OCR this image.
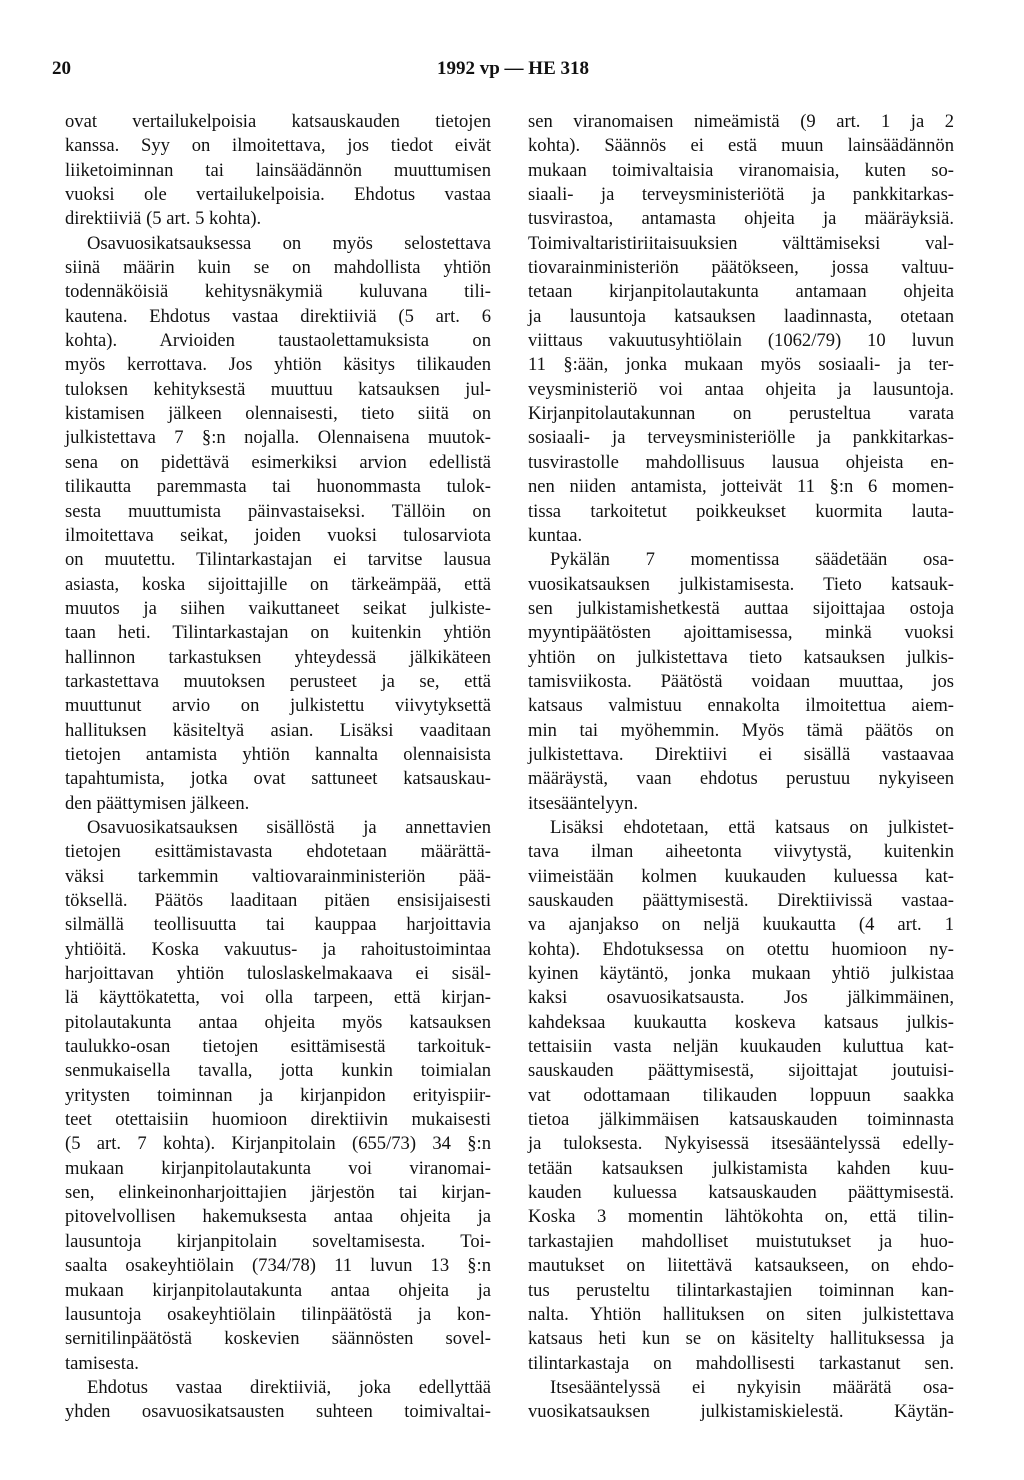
20	1992 vp — HE 318
ovat vertailukelpoisia katsauskauden tietojen
kanssa. Syy on ilmoitettava, jos tiedot eivät
liiketoiminnan tai lainsäädännön muuttumisen
vuoksi ole vertailukelpoisia. Ehdotus vastaa
direktiiviä (5 art. 5 kohta).
Osavuosikatsauksessa on myös selostettava
siinä määrin kuin se on mahdollista yhtiön
todennäköisiä kehitysnäkymiä kuluvana tili-
kautena. Ehdotus vastaa direktiiviä (5 art. 6
kohta). Arvioiden taustaolettamuksista on
myös kerrottava. Jos yhtiön käsitys tilikauden
tuloksen kehityksestä muuttuu katsauksen jul-
kistamisen jälkeen olennaisesti, tieto siitä on
julkistettava 7 §:n nojalla. Olennaisena muutok-
sena on pidettävä esimerkiksi arvion edellistä
tilikautta paremmasta tai huonommasta tulok-
sesta muuttumista päinvastaiseksi. Tällöin on
ilmoitettava seikat, joiden vuoksi tulosarviota
on muutettu. Tilintarkastajan ei tarvitse lausua
asiasta, koska sijoittajille on tärkeämpää, että
muutos ja siihen vaikuttaneet seikat julkiste-
taan heti. Tilintarkastajan on kuitenkin yhtiön
hallinnon tarkastuksen yhteydessä jälkikäteen
tarkastettava muutoksen perusteet ja se, että
muuttunut arvio on julkistettu viivytyksettä
hallituksen käsiteltyä asian. Lisäksi vaaditaan
tietojen antamista yhtiön kannalta olennaisista
tapahtumista, jotka ovat sattuneet katsauskau-
den päättymisen jälkeen.
Osavuosikatsauksen sisällöstä ja annettavien
tietojen esittämistavasta ehdotetaan määrättä-
väksi tarkemmin valtiovarainministeriön pää-
töksellä. Päätös laaditaan pitäen ensisijaisesti
silmällä teollisuutta tai kauppaa harjoittavia
yhtiöitä. Koska vakuutus- ja rahoitustoimintaa
harjoittavan yhtiön tuloslaskelmakaava ei sisäl-
lä käyttökatetta, voi olla tarpeen, että kirjan-
pitolautakunta antaa ohjeita myös katsauksen
taulukko-osan tietojen esittämisestä tarkoituk-
senmukaisella tavalla, jotta kunkin toimialan
yritysten toiminnan ja kirjanpidon erityispiir-
teet otettaisiin huomioon direktiivin mukaisesti
(5 art. 7 kohta). Kirjanpitolain (655/73) 34 §:n
mukaan kirjanpitolautakunta voi viranomai-
sen, elinkeinonharjoittajien järjestön tai kirjan-
pitovelvollisen hakemuksesta antaa ohjeita ja
lausuntoja kirjanpitolain soveltamisesta. Toi-
saalta osakeyhtiölain (734/78) 11 luvun 13 §:n
mukaan kirjanpitolautakunta antaa ohjeita ja
lausuntoja osakeyhtiölain tilinpäätöstä ja kon-
sernitilinpäätöstä koskevien säännösten sovel-
tamisesta.
Ehdotus vastaa direktiiviä, joka edellyttää
yhden osavuosikatsausten suhteen toimivaltai-
sen viranomaisen nimeämistä (9 art. 1 ja 2
kohta). Säännös ei estä muun lainsäädännön
mukaan toimivaltaisia viranomaisia, kuten so-
siaali- ja terveysministeriötä ja pankkitarkas-
tusvirastoa, antamasta ohjeita ja määräyksiä.
Toimivaltaristiriitaisuuksien välttämiseksi val-
tiovarainministeriön päätökseen, jossa valtuu-
tetaan kirjanpitolautakunta antamaan ohjeita
ja lausuntoja katsauksen laadinnasta, otetaan
viittaus vakuutusyhtiölain (1062/79) 10 luvun
11 §:ään, jonka mukaan myös sosiaali- ja ter-
veysministeriö voi antaa ohjeita ja lausuntoja.
Kirjanpitolautakunnan on perusteltua varata
sosiaali- ja terveysministeriölle ja pankkitarkas-
tusvirastolle mahdollisuus lausua ohjeista en-
nen niiden antamista, jotteivät 11 §:n 6 momen-
tissa tarkoitetut poikkeukset kuormita lauta-
kuntaa.
Pykälän 7 momentissa säädetään osa-
vuosikatsauksen julkistamisesta. Tieto katsauk-
sen julkistamishetkestä auttaa sijoittajaa ostoja
myyntipäätösten ajoittamisessa, minkä vuoksi
yhtiön on julkistettava tieto katsauksen julkis-
tamisviikosta. Päätöstä voidaan muuttaa, jos
katsaus valmistuu ennakolta ilmoitettua aiem-
min tai myöhemmin. Myös tämä päätös on
julkistettava. Direktiivi ei sisällä vastaavaa
määräystä, vaan ehdotus perustuu nykyiseen
itsesääntelyyn.
Lisäksi ehdotetaan, että katsaus on julkistet-
tava ilman aiheetonta viivytystä, kuitenkin
viimeistään kolmen kuukauden kuluessa kat-
sauskauden päättymisestä. Direktiivissä vastaa-
va ajanjakso on neljä kuukautta (4 art. 1
kohta). Ehdotuksessa on otettu huomioon ny-
kyinen käytäntö, jonka mukaan yhtiö julkistaa
kaksi osavuosikatsausta. Jos jälkimmäinen,
kahdeksaa kuukautta koskeva katsaus julkis-
tettaisiin vasta neljän kuukauden kuluttua kat-
sauskauden päättymisestä, sijoittajat joutuisi-
vat odottamaan tilikauden loppuun saakka
tietoa jälkimmäisen katsauskauden toiminnasta
ja tuloksesta. Nykyisessä itsesääntelyssä edelly-
tetään katsauksen julkistamista kahden kuu-
kauden kuluessa katsauskauden päättymisestä.
Koska 3 momentin lähtökohta on, että tilin-
tarkastajien mahdolliset muistutukset ja huo-
mautukset on liitettävä katsaukseen, on ehdo-
tus perusteltu tilintarkastajien toiminnan kan-
nalta. Yhtiön hallituksen on siten julkistettava
katsaus heti kun se on käsitelty hallituksessa ja
tilintarkastaja on mahdollisesti tarkastanut sen.
Itsesääntelyssä ei nykyisin määrätä osa-
vuosikatsauksen julkistamiskielestä. Käytän-
